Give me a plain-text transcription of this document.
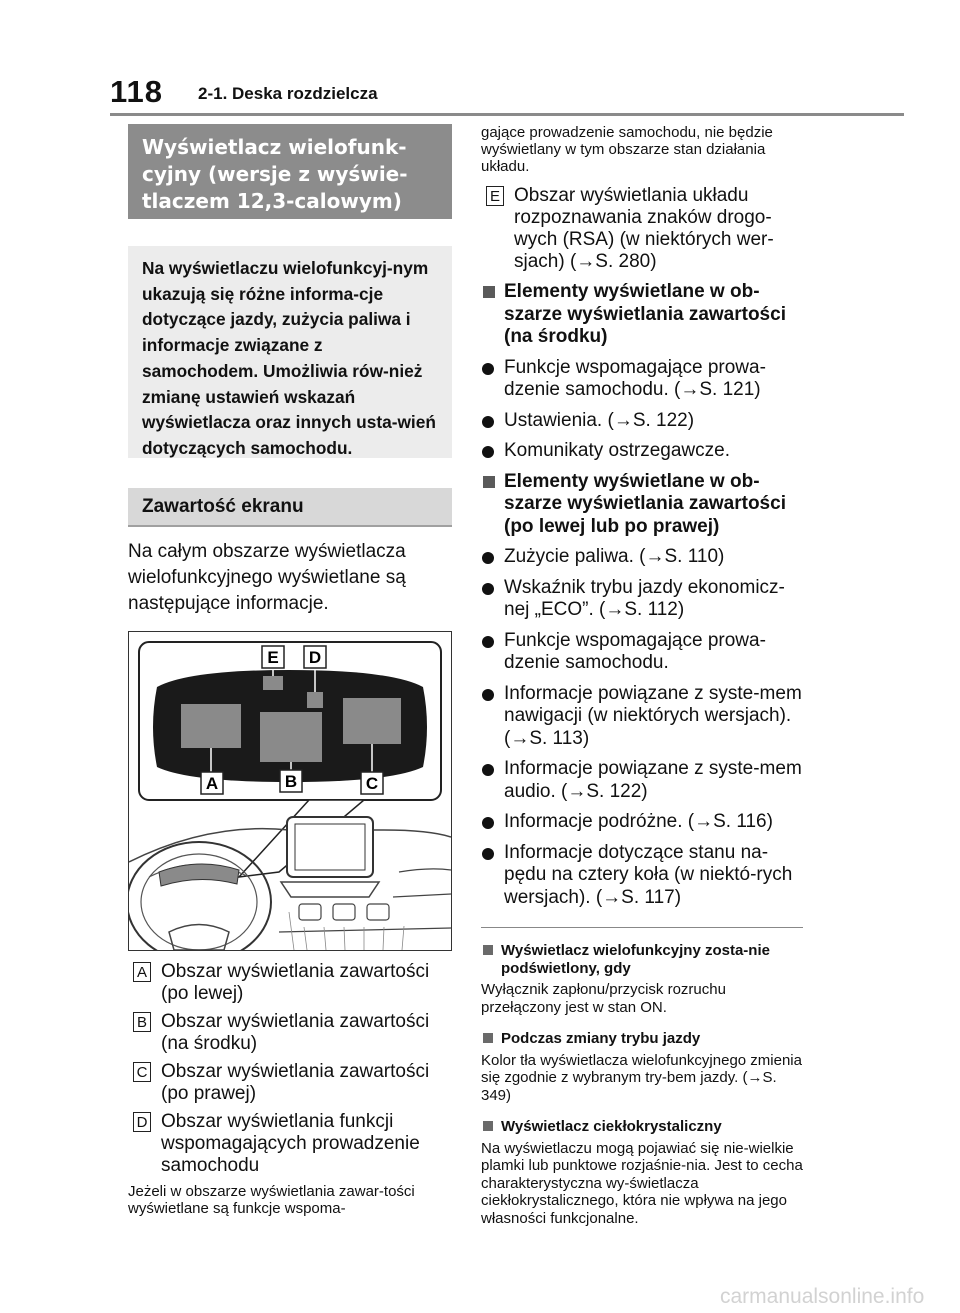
118 2-1. Deska rozdzielcza
Wyświetlacz wielofunk-cyjny (wersje z wyświe-tlaczem 12,3-calowym)
Na wyświetlaczu wielofunkcyj-nym ukazują się różne informa-cje dotyczące jazdy, zużycia paliwa i informacje związane z samochodem. Umożliwia rów-nież zmianę ustawień wskazań wyświetlacza oraz innych usta-wień dotyczących samochodu.
Zawartość ekranu
Na całym obszarze wyświetlacza wielofunkcyjnego wyświetlane są następujące informacje.
A	B	C
E D
A Obszar wyświetlania zawartości (po lewej)
B Obszar wyświetlania zawartości (na środku)
C Obszar wyświetlania zawartości (po prawej)
D Obszar wyświetlania funkcji wspomagających prowadzenie samochodu
Jeżeli w obszarze wyświetlania zawar-tości wyświetlane są funkcje wspoma-
gające prowadzenie samochodu, nie będzie wyświetlany w tym obszarze stan działania układu.
E Obszar wyświetlania układu rozpoznawania znaków drogo-wych (RSA) (w niektórych wer-sjach) (→S. 280)
Elementy wyświetlane w ob-szarze wyświetlania zawartości (na środku)
Funkcje wspomagające prowa-dzenie samochodu. (→S. 121)
Ustawienia. (→S. 122)
Komunikaty ostrzegawcze.
Elementy wyświetlane w ob-szarze wyświetlania zawartości (po lewej lub po prawej)
Zużycie paliwa. (→S. 110)
Wskaźnik trybu jazdy ekonomicz-nej „ECO”. (→S. 112)
Funkcje wspomagające prowa-dzenie samochodu.
Informacje powiązane z syste-mem nawigacji (w niektórych wersjach). (→S. 113)
Informacje powiązane z syste-mem audio. (→S. 122)
Informacje podróżne. (→S. 116)
Informacje dotyczące stanu na-pędu na cztery koła (w niektó-rych wersjach). (→S. 117)
Wyświetlacz wielofunkcyjny zosta-nie podświetlony, gdy
Wyłącznik zapłonu/przycisk rozruchu przełączony jest w stan ON.
Podczas zmiany trybu jazdy
Kolor tła wyświetlacza wielofunkcyjnego zmienia się zgodnie z wybranym try-bem jazdy. (→S. 349)
Wyświetlacz ciekłokrystaliczny
Na wyświetlaczu mogą pojawiać się nie-wielkie plamki lub punktowe rozjaśnie-nia. Jest to cecha charakterystyczna wy-świetlacza ciekłokrystalicznego, która nie wpływa na jego własności funkcjonalne.
carmanualsonline.info
